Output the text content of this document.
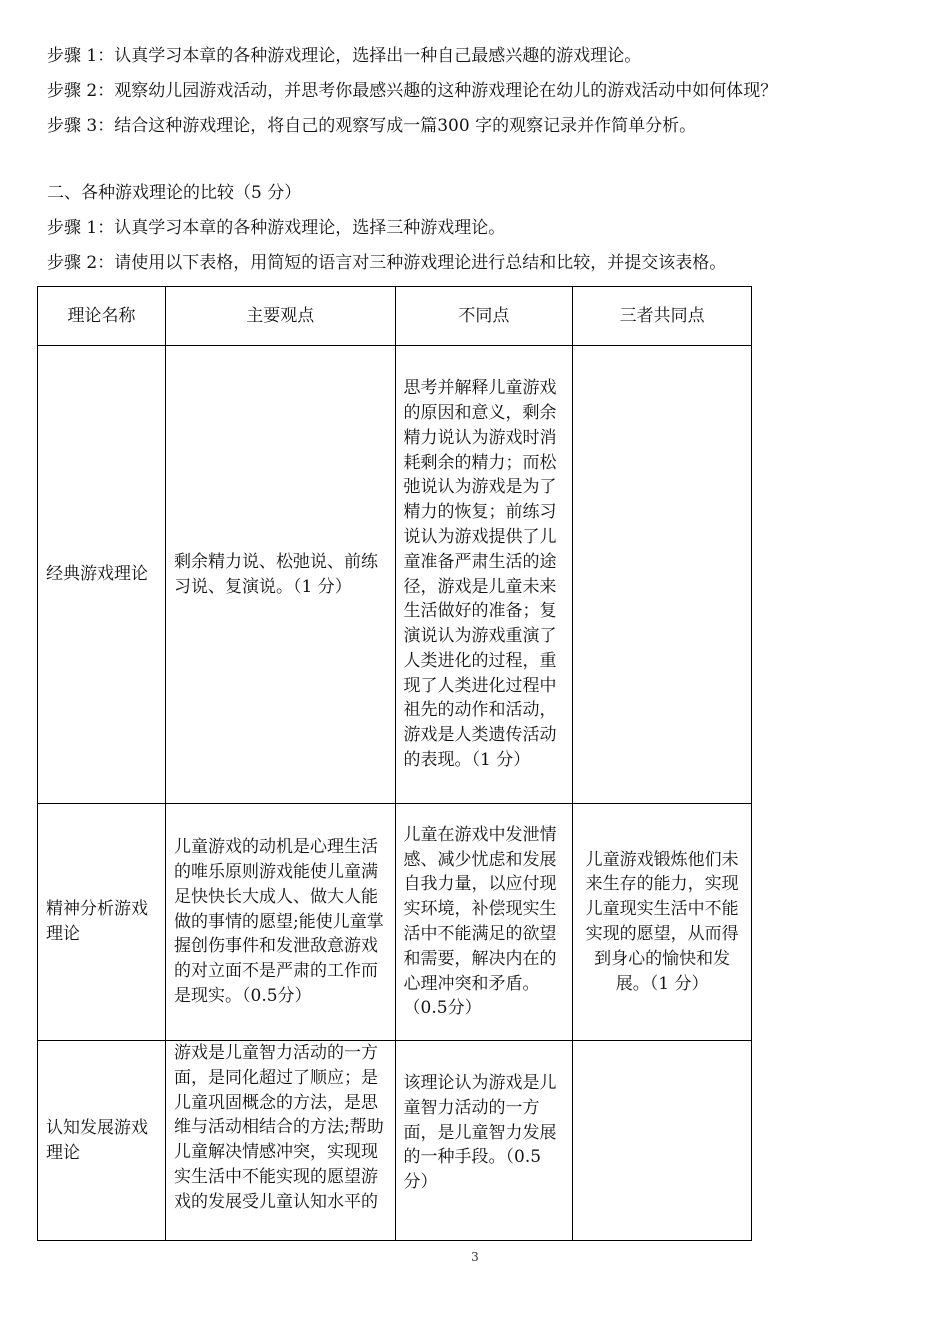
步骤 1：认真学习本章的各种游戏理论，选择出一种自己最感兴趣的游戏理论。
步骤 2：观察幼儿园游戏活动，并思考你最感兴趣的这种游戏理论在幼儿的游戏活动中如何体现？
步骤 3：结合这种游戏理论，将自己的观察写成一篇300 字的观察记录并作简单分析。
二、各种游戏理论的比较（5 分）
步骤 1：认真学习本章的各种游戏理论，选择三种游戏理论。
步骤 2：请使用以下表格，用简短的语言对三种游戏理论进行总结和比较，并提交该表格。
理论名称	主要观点	不同点	三者共同点
经典游戏理论	剩余精力说、松弛说、前练习说、复演说。（1 分）	思考并解释儿童游戏的原因和意义，剩余精力说认为游戏时消耗剩余的精力；而松弛说认为游戏是为了精力的恢复；前练习说认为游戏提供了儿童准备严肃生活的途径，游戏是儿童未来生活做好的准备；复演说认为游戏重演了人类进化的过程，重现了人类进化过程中祖先的动作和活动，游戏是人类遗传活动的表现。（1 分）	
精神分析游戏理论	儿童游戏的动机是心理生活的唯乐原则游戏能使儿童满足快快长大成人、做大人能做的事情的愿望;能使儿童掌握创伤事件和发泄敌意游戏的对立面不是严肃的工作而是现实。（0.5分）	儿童在游戏中发泄情感、减少忧虑和发展自我力量，以应付现实环境，补偿现实生活中不能满足的欲望和需要，解决内在的心理冲突和矛盾。（0.5分）	儿童游戏锻炼他们未来生存的能力，实现儿童现实生活中不能实现的愿望，从而得到身心的愉快和发展。（1 分）
认知发展游戏理论	游戏是儿童智力活动的一方面，是同化超过了顺应；是儿童巩固概念的方法，是思维与活动相结合的方法;帮助儿童解决情感冲突，实现现实生活中不能实现的愿望游戏的发展受儿童认知水平的	该理论认为游戏是儿童智力活动的一方面，是儿童智力发展的一种手段。（0.5分）	
3
